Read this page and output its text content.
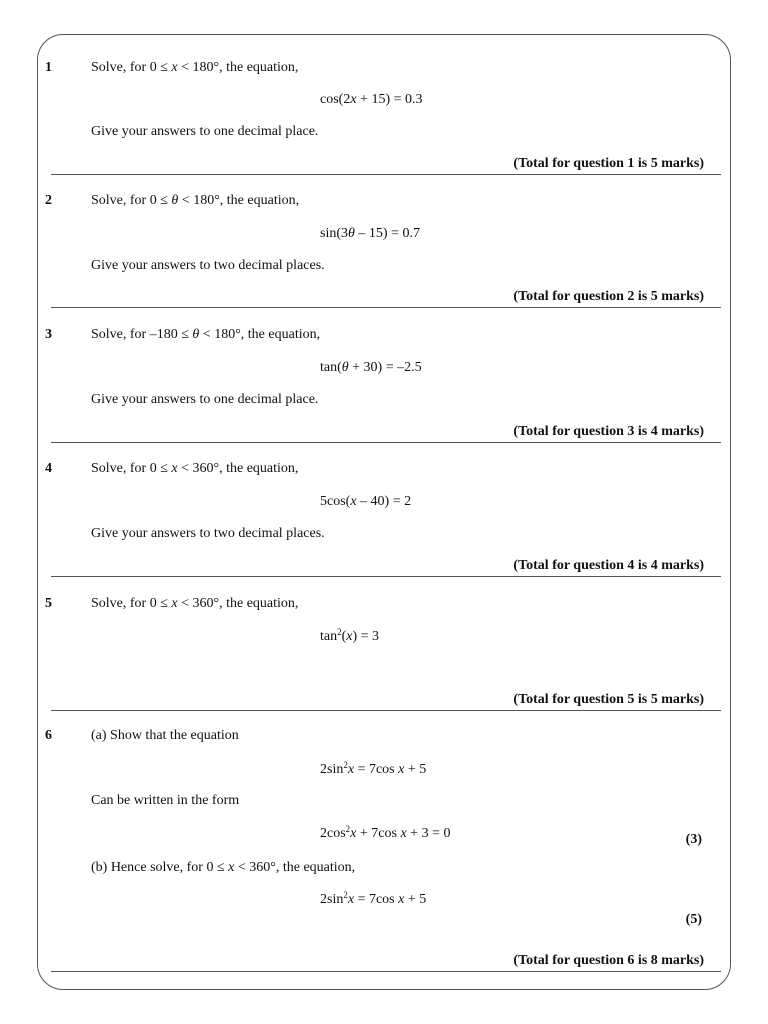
1	Solve, for 0 ≤ x < 180°, the equation,
cos(2x + 15) = 0.3
Give your answers to one decimal place.
(Total for question 1 is 5 marks)
2	Solve, for 0 ≤ θ < 180°, the equation,
sin(3θ – 15) = 0.7
Give your answers to two decimal places.
(Total for question 2 is 5 marks)
3	Solve, for –180 ≤ θ < 180°, the equation,
tan(θ + 30) = –2.5
Give your answers to one decimal place.
(Total for question 3 is 4 marks)
4	Solve, for 0 ≤ x < 360°, the equation,
5cos(x – 40) = 2
Give your answers to two decimal places.
(Total for question 4 is 4 marks)
5	Solve, for 0 ≤ x < 360°, the equation,
$\tan^2(x) = 3$
(Total for question 5 is 5 marks)
6	(a) Show that the equation
$2\sin^2x = 7\cos$ x + 5
Can be written in the form
$2\cos^2x + 7\cos$ x + 3 = 0	(3)
(b) Hence solve, for 0 ≤ x < 360°, the equation,
$2\sin^2x = 7\cos$ x + 5
(5)
(Total for question 6 is 8 marks)
